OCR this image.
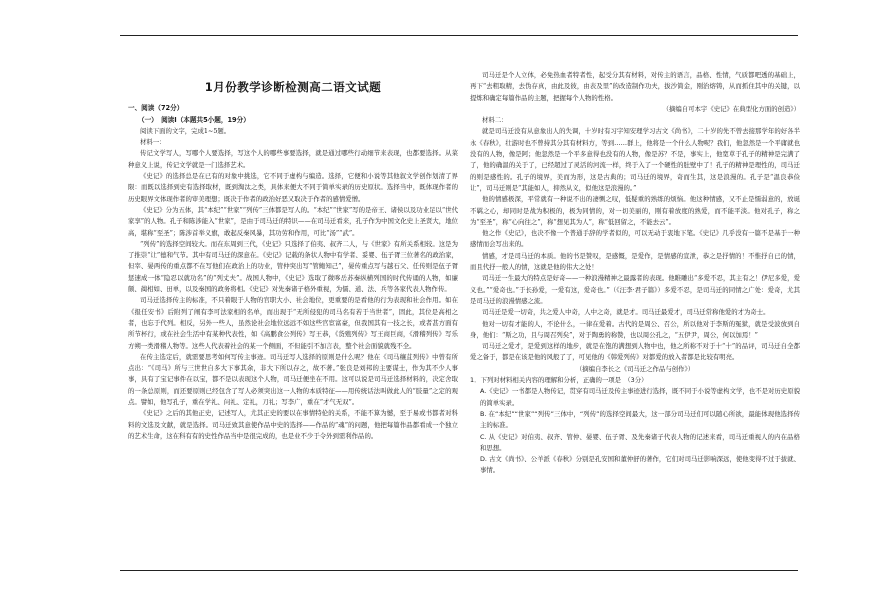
1月份教学诊断检测高二语文试题
一、阅读（72分）
（一）　阅读Ⅰ（本题共5小题，19分）

阅读下面的文字，完成1~5题。

材料一：

传记文学写人，写哪个人要选择，写这个人的哪些事要选择，就是通过哪些行动细节来表现，也都要选择。从菜种意义上说，传记文学就是一门选择艺术。

《史记》的选择总是在已有的对象中挑选，它不同于虚构与编造。选择，它便和小说等其他叙文学创作划清了界限：而既以选择到史有选择取材，既到淘汰之类，具体来便大不同于简单实录的历史原状。选择当中，既体现作者的历史眼界文体现作者的审美理想；既决于作者的政治好恶又取决于作者的感情爱憎。

《史记》分为五体，其“本纪”“世家”“列传”三体都是写人的。“本纪”“世家”写的是帝王、诸侯以及功业足以“世代家享”的人物。孔子和陈涉能入“世家”，是由于司马迁的特识——在司马迁看来，孔子作为中国文化史上圣贤大，地位高，堪称“至圣”；陈涉首举义旗，敢起反秦风暴，其功劳和作用，可比“汤”“武”。

“列传”的选择空间较大。而在东周到三代，《史记》只选择了伯夷、叔齐二人，与《世家》有所关系相较。这是为了推崇“让”德和气节。其中有司马迁的深意在。《史记》记载的条状人物中有学者、妥婴、伍子胥三位著名的政治家，但宰、晏两传的重点都不在写他们在政治上的功业，管仲突出写“管鲍知己”，晏传重点写与越石父、任传则是伍子胥惩速成一体“隐忍以就功名”的“列丈夫”。战国人物中，《史记》选取了微哆岳苏秦纵横列国的时代传诵的人物，如廉颇、蔺相如、田单，以及秦国的政务将相。《史记》对先秦诸子格外重视，为儒、道、法、兵等各家代表人物作传。

司马迁选择传主的标准，不只着眼于人物的官职大小、社会地位，更重要的是看他的行为表现和社会作用。如在《报任安书》后附列了阐有李可法家相的名单，而出现于“无所侵犯的司马名有若于当世者”，固此，其位是高相之者，也忘于代列。相反，另外一些人，虽然论社会地位远远不如这些官宦富豪，但我国其有一技之长，或者甚方面有所节杯行，或在社会生活中有某种代表性，如《高鹏食公列传》写王恭，《货殖列传》写王商巨商，《滑稽列传》写乐方朔一类滑稽人物等。这些人代表着社会的某一个侧面，不但能引不加言表，整个社会面貌就残不全。

在传主选定后，就需要思考如何写传主事迹。司马迁写人选择的原则是什么呢？他在《司马穰苴列传》中曾有所点出：“《司马》所与三世世自多大下事其余，非大下所以存之，故不著。”张良是刘邦的主要谋士，作为其不少人事事，具有了宝记事件在以宝，都不是以表现这个人物，司马迁便坐在不用。这可以说是司马迁选择材料的，决定舍取的一条总原则，而还要原则已经包含了写人必须突出这一人物的本质特征——用传统话法叫做此人的“肢量”之定的观点。譬如，他写孔子，重在学礼、问礼、定礼，刀礼；写李广，重在“才气无双”。

《史记》之后的其他正史，记述写人，尤其正史的要以在事情特伦的关系，不能不算为憾，至于易或书都者对科料的文选及文献，就是选择。司马迁致其意使作品中史的选择——作品的“魂”的问题，他把每篇作品都看成一个独立的艺术生命，这在科有有的史性作品当中是很完成的，也是业不少于令外到需利作品的。

司马迁是个人立体，必免热血者特者性，起受分其有材料，对传主的语言，品格、性情，气质都吧透的基础上，再下“去粗取精，去伪存真，由此及彼，由表及里”的改造制作功夫，拔沙简金，刚治熔铸，从而抓住其中的关键，以提炼和确定每篇作品的主题，把握每个人物的性格。

（摘编自可本宇《史记》在典型化方面的创造》）

材料二：

就是司马迁没有从意象出人的失调，十岁时有习字知安理学习古文《尚书》，二十岁的先不曾去接那学年的好各半永《春秋》，壮游时也不曾持其分其有材料方，等到……群上，他将是一个什么人物呢？我们，他忽然是一个平庸就也没有的人物，像是阿；他忽然是一个平多意得也没有的人物，像是苏？不是，事实上，他宽草于孔子的精神是完满了了，他的确温的关于了，已经超过了灵活的河流一样，终于入了一个硬性的肚壁中了！孔子的精神是理性的，司马迁的则是感性的。孔子的境界，美而为形，这是古典的；司马迁的境界，奇而生其，这是浪漫的。孔子是“温良恭俭让”，司马迁则是“其能如人，抑然从义，似他这是浪漫的。”

他的情感极深，平常就有一种说不出的凄恻之叹，低疑重的熟练的烦恼。他这种情感，又不止是懦弱意的，放诞不羁之心，却同时是战为积极的，极为同情的，对一切美丽的，刚有着放度的熟爱，而不能平淡。他对孔子，称之为“至圣”，称“心向往之”，称“想见其为人”，称“低回留之，不能去云”。

他之作《史记》，也决不像一个普通手辞的学者似的，可以无动于衷地下笔。《史记》几乎没有一篇不是基于一种感情而会写出来的。

情感，才是司马迁的本质。他的书是赞叹，是感慨，是爱作，是情感的宣泄，恭之是抒情的！不惟抒自已的情，而且代抒一般人的情，这就是他的伟大之处！

司马迁一生最大的特点是好奇——一种浪漫精神之最露者的表现。他睢雕出“多爱不忍，其主有之！伊尼多爱，爱义也。”“爱奇也。”于长孙爱，一爱有这，爱奇也。”（《汪李·君子篇》）多爱不忍，是司马迁的同情之广处：爱奇，尤其是司马迁的浪漫情感之流。

司马迁是爱一切奇，共之爱人中奇，人中之奇，就是才。司马迁最爱才，司马迁常称他爱的才为奇士。

他对一切有才能的人，不论什么，一律在爱着。古代的是周公、召公，所以他对于李斯的冤狱，就是受波放到自身，他们：“斯之功，且与周召列矣”，对于陶勇的称赞，也以周公孔之，“五伊尹，周公，何以加焉！”

司马迁之爱才，是爱到这样的地步，就是在饱的满想到人物中也，他之所称不对于十“十”的品评，司马迁自全都爱之备于，都是在该是他的风般了了，可见他的《韩爱列传》对都爱的放入者都是比较有明亮。

（摘编自李长之《司马迁之作品与创作》）

1．下列对材料相关内容的理解和分析，正确的一项是　（3分）

A.《史记》一书都是人物传记，贯穿有司马迁及传主事迹进行选择，既不同于小说等虚构文学，也不是对历史原貌的简单实录。

B. 在“本纪”“世家”“列传”三体中，“列传”的选择空间最大，这一部分司马迁们可以随心所欲，最能体现他选择传主的标准。

C. 从《史记》对伯夷、叔齐、管仲、晏婴、伍子胥、及先秦诸子代表人物的记述来看，司马迁重视人的内在品格和思想。

D. 古文《尚书》、公羊派《春秋》分别是孔安国和董仲舒的著作，它们对司马迁影响深远，使他变得不过于拔就、事情。
